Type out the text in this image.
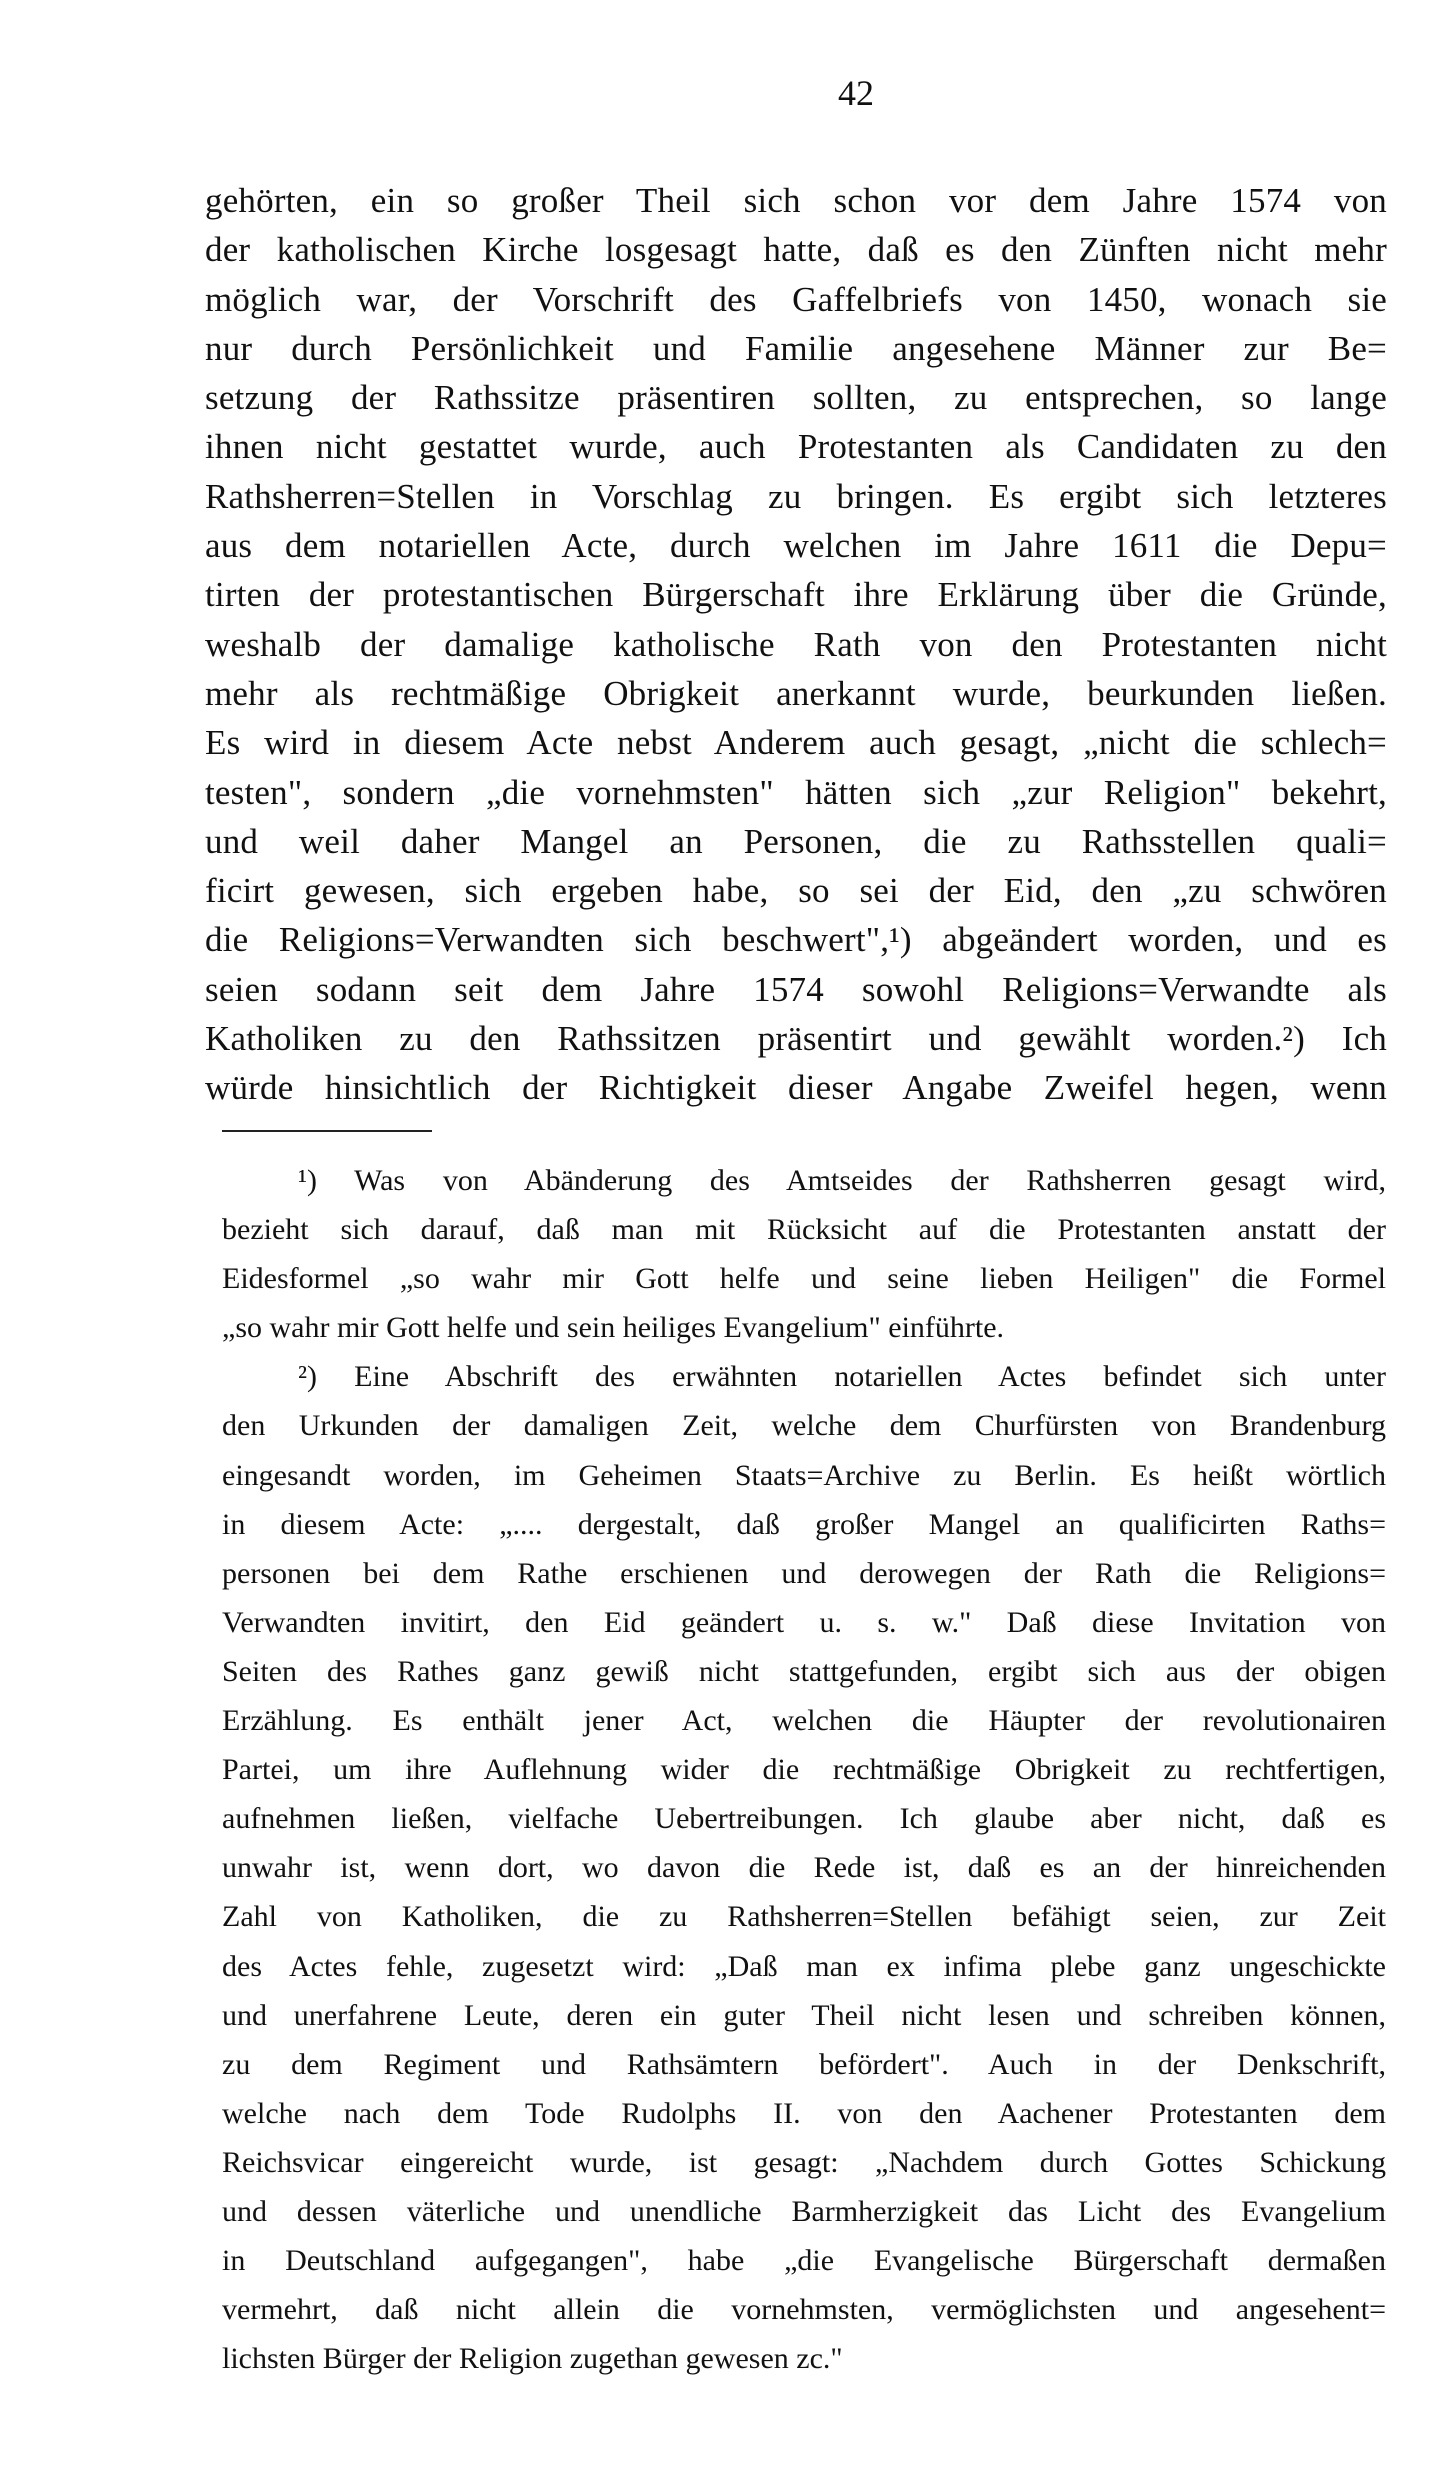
42
gehörten, ein so großer Theil sich schon vor dem Jahre 1574 von
der katholischen Kirche losgesagt hatte, daß es den Zünften nicht mehr
möglich war, der Vorschrift des Gaffelbriefs von 1450, wonach sie
nur durch Persönlichkeit und Familie angesehene Männer zur Be=
setzung der Rathssitze präsentiren sollten, zu entsprechen, so lange
ihnen nicht gestattet wurde, auch Protestanten als Candidaten zu den
Rathsherren=Stellen in Vorschlag zu bringen. Es ergibt sich letzteres
aus dem notariellen Acte, durch welchen im Jahre 1611 die Depu=
tirten der protestantischen Bürgerschaft ihre Erklärung über die Gründe,
weshalb der damalige katholische Rath von den Protestanten nicht
mehr als rechtmäßige Obrigkeit anerkannt wurde, beurkunden ließen.
Es wird in diesem Acte nebst Anderem auch gesagt, „nicht die schlech=
testen", sondern „die vornehmsten" hätten sich „zur Religion" bekehrt,
und weil daher Mangel an Personen, die zu Rathsstellen quali=
ficirt gewesen, sich ergeben habe, so sei der Eid, den „zu schwören
die Religions=Verwandten sich beschwert",¹) abgeändert worden, und es
seien sodann seit dem Jahre 1574 sowohl Religions=Verwandte als
Katholiken zu den Rathssitzen präsentirt und gewählt worden.²) Ich
würde hinsichtlich der Richtigkeit dieser Angabe Zweifel hegen, wenn
¹) Was von Abänderung des Amtseides der Rathsherren gesagt wird,
bezieht sich darauf, daß man mit Rücksicht auf die Protestanten anstatt der
Eidesformel „so wahr mir Gott helfe und seine lieben Heiligen" die Formel
„so wahr mir Gott helfe und sein heiliges Evangelium" einführte.
²) Eine Abschrift des erwähnten notariellen Actes befindet sich unter
den Urkunden der damaligen Zeit, welche dem Churfürsten von Brandenburg
eingesandt worden, im Geheimen Staats=Archive zu Berlin. Es heißt wörtlich
in diesem Acte: „.... dergestalt, daß großer Mangel an qualificirten Raths=
personen bei dem Rathe erschienen und derowegen der Rath die Religions=
Verwandten invitirt, den Eid geändert u. s. w." Daß diese Invitation von
Seiten des Rathes ganz gewiß nicht stattgefunden, ergibt sich aus der obigen
Erzählung. Es enthält jener Act, welchen die Häupter der revolutionairen
Partei, um ihre Auflehnung wider die rechtmäßige Obrigkeit zu rechtfertigen,
aufnehmen ließen, vielfache Uebertreibungen. Ich glaube aber nicht, daß es
unwahr ist, wenn dort, wo davon die Rede ist, daß es an der hinreichenden
Zahl von Katholiken, die zu Rathsherren=Stellen befähigt seien, zur Zeit
des Actes fehle, zugesetzt wird: „Daß man ex infima plebe ganz ungeschickte
und unerfahrene Leute, deren ein guter Theil nicht lesen und schreiben können,
zu dem Regiment und Rathsämtern befördert". Auch in der Denkschrift,
welche nach dem Tode Rudolphs II. von den Aachener Protestanten dem
Reichsvicar eingereicht wurde, ist gesagt: „Nachdem durch Gottes Schickung
und dessen väterliche und unendliche Barmherzigkeit das Licht des Evangelium
in Deutschland aufgegangen", habe „die Evangelische Bürgerschaft dermaßen
vermehrt, daß nicht allein die vornehmsten, vermöglichsten und angesehent=
lichsten Bürger der Religion zugethan gewesen zc."
